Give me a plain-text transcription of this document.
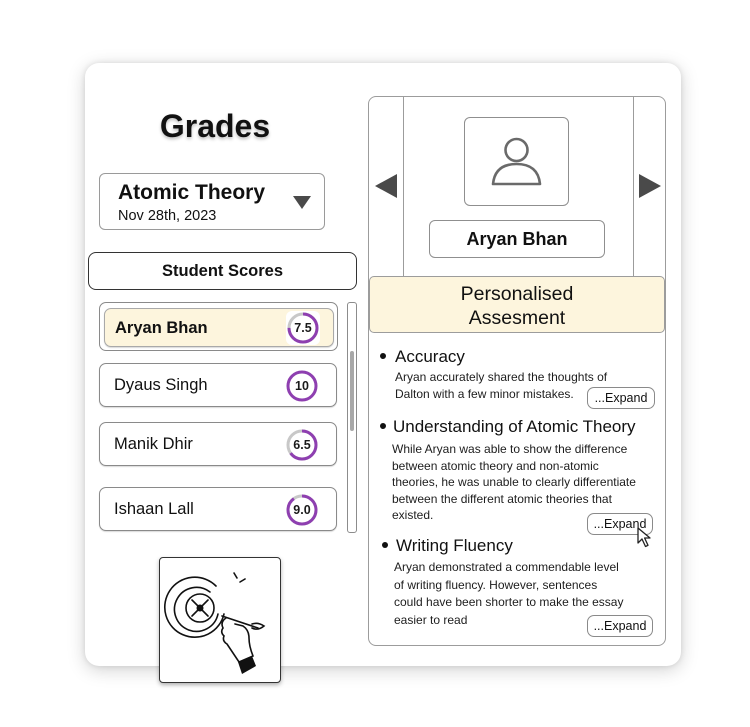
Grades
Atomic Theory
Nov 28th, 2023
Student Scores
Aryan Bhan	7.5
Dyaus Singh	10
Manik Dhir	6.5
Ishaan Lall	9.0
Aryan Bhan
Personalised
Assesment
Accuracy
Aryan accurately shared the thoughts of
Dalton with a few minor mistakes.	...Expand
Understanding of Atomic Theory
While Aryan was able to show the difference
between atomic theory and non-atomic
theories, he was unable to clearly differentiate
between the different atomic theories that
existed.
...Expand
Writing Fluency
Aryan demonstrated a commendable level
of writing fluency. However, sentences
could have been shorter to make the essay
easier to read	...Expand
